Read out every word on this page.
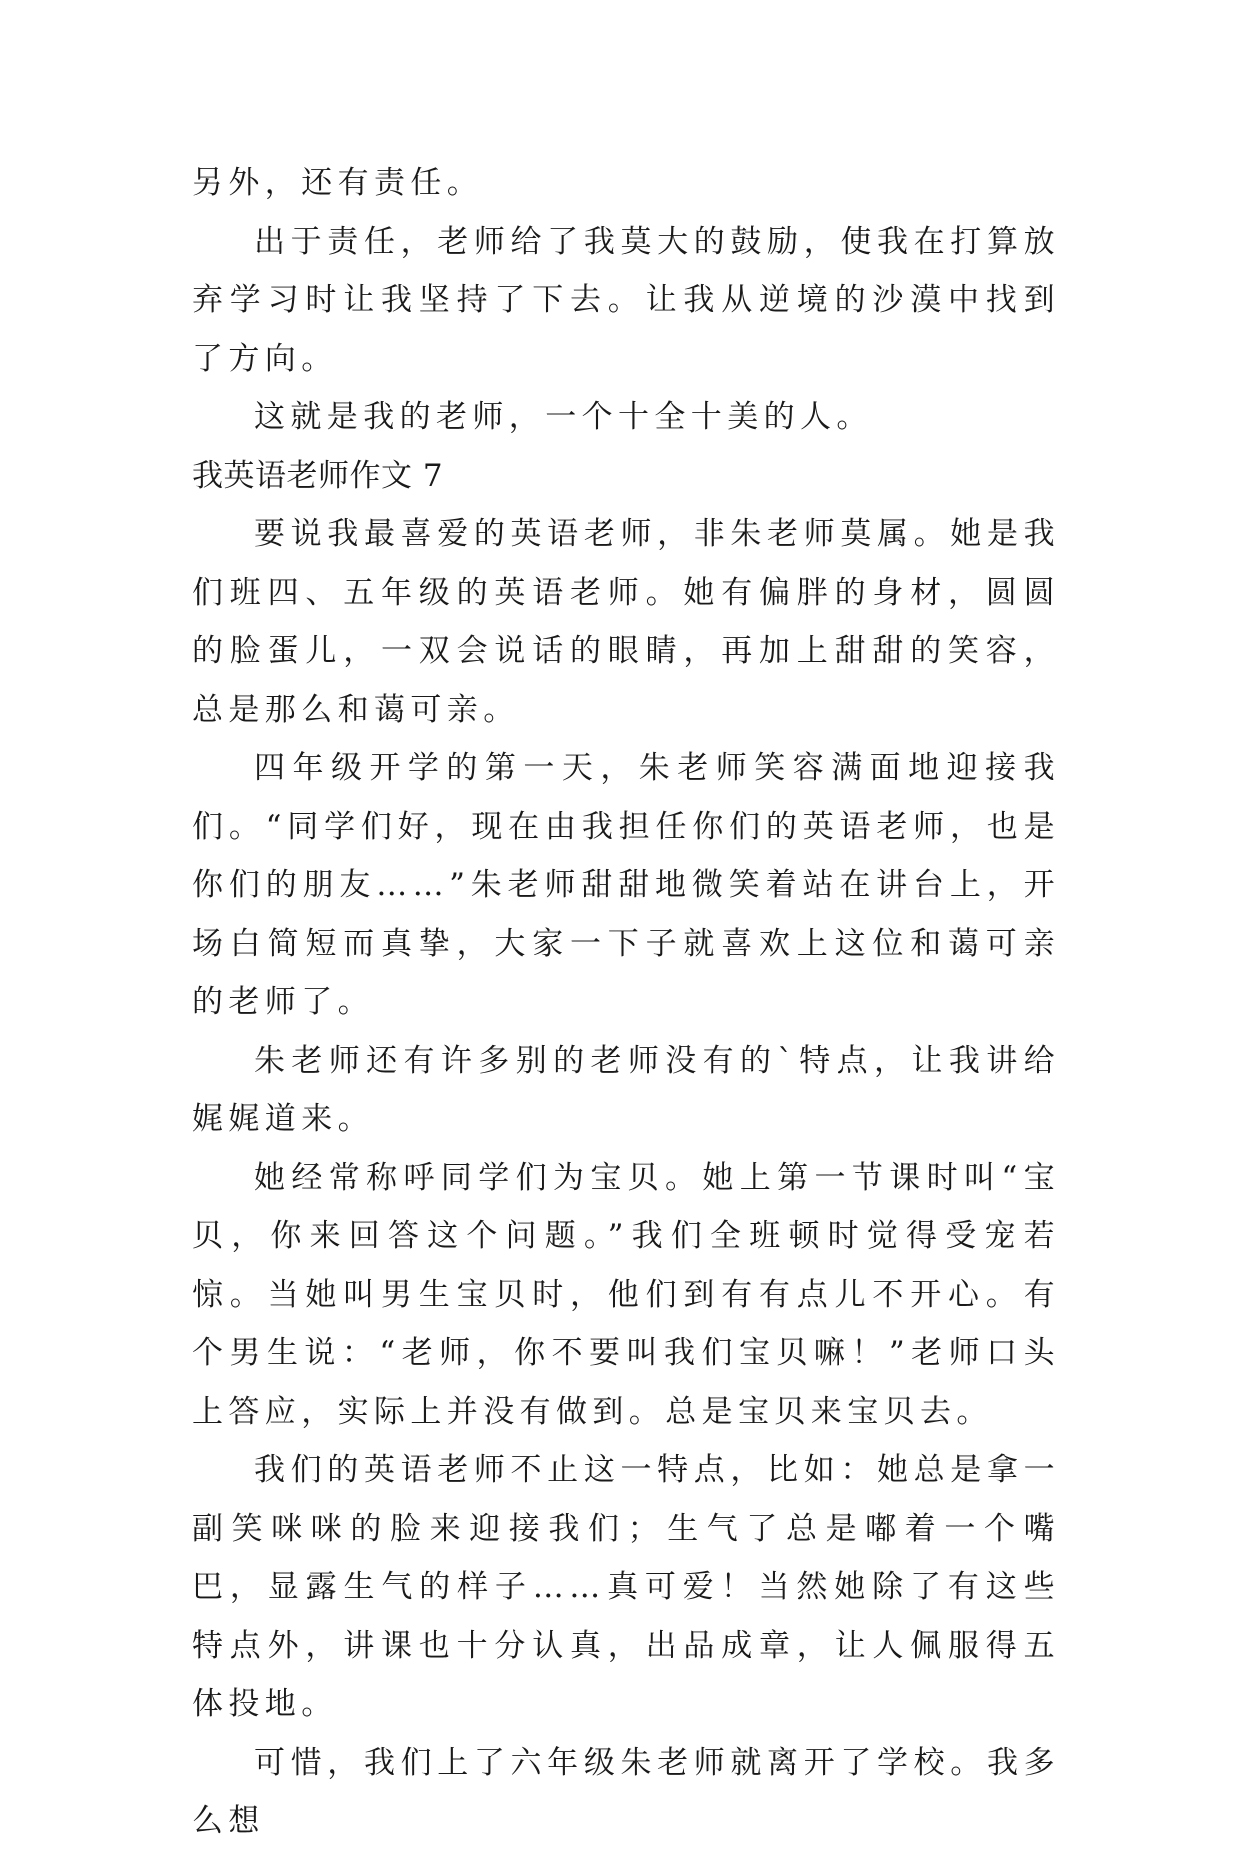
另外，还有责任。

出于责任，老师给了我莫大的鼓励，使我在打算放弃学习时让我坚持了下去。让我从逆境的沙漠中找到了方向。

这就是我的老师，一个十全十美的人。

我英语老师作文 7

要说我最喜爱的英语老师，非朱老师莫属。她是我们班四、五年级的英语老师。她有偏胖的身材，圆圆的脸蛋儿，一双会说话的眼睛，再加上甜甜的笑容，总是那么和蔼可亲。

四年级开学的第一天，朱老师笑容满面地迎接我们。“同学们好，现在由我担任你们的英语老师，也是你们的朋友……”朱老师甜甜地微笑着站在讲台上，开场白简短而真挚，大家一下子就喜欢上这位和蔼可亲的老师了。

朱老师还有许多别的老师没有的`特点，让我讲给娓娓道来。

她经常称呼同学们为宝贝。她上第一节课时叫“宝贝，你来回答这个问题。”我们全班顿时觉得受宠若惊。当她叫男生宝贝时，他们到有有点儿不开心。有个男生说：“老师，你不要叫我们宝贝嘛！”老师口头上答应，实际上并没有做到。总是宝贝来宝贝去。

我们的英语老师不止这一特点，比如：她总是拿一副笑咪咪的脸来迎接我们；生气了总是嘟着一个嘴巴，显露生气的样子……真可爱！当然她除了有这些特点外，讲课也十分认真，出品成章，让人佩服得五体投地。

可惜，我们上了六年级朱老师就离开了学校。我多么想
